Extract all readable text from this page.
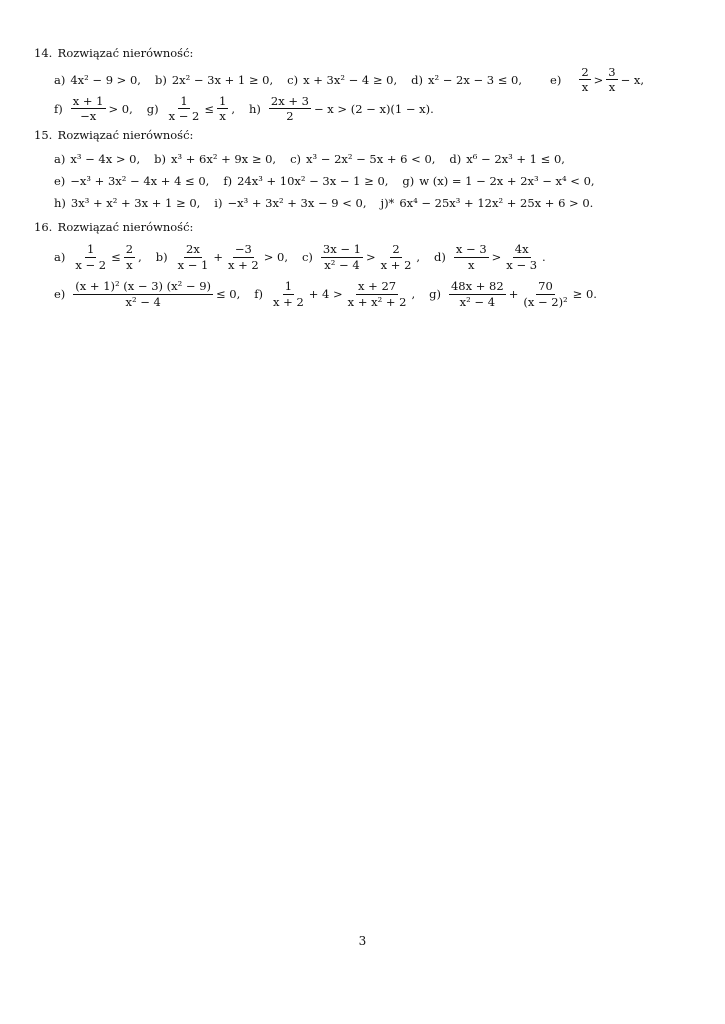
14. Rozwiązać nierówność:
a) 4x² − 9 > 0, b) 2x² − 3x + 1 ≥ 0, c) x + 3x² − 4 ≥ 0, d) x² − 2x − 3 ≤ 0, $e) \frac{2}{x} > \frac{3}{x} - x$,
$f) \frac{x + 1}{-x} > 0$, $g) \frac{1}{x - 2} \le \frac{1}{x}$ , $h) \frac{2x + 3}{2} - x > (2 - x)(1 - x)$.
15. Rozwiązać nierówność:
a) x³ − 4x > 0, b) x³ + 6x² + 9x ≥ 0, c) x³ − 2x² − 5x + 6 < 0, d) x⁶ − 2x³ + 1 ≤ 0,
e) −x³ + 3x² − 4x + 4 ≤ 0, f) 24x³ + 10x² − 3x − 1 ≥ 0, g) w (x) = 1 − 2x + 2x³ − x⁴ < 0,
h) 3x³ + x² + 3x + 1 ≥ 0, i) −x³ + 3x² + 3x − 9 < 0, j)* 6x⁴ − 25x³ + 12x² + 25x + 6 > 0.
16. Rozwiązać nierówność:
$a) \frac{1}{x - 2} \le \frac{2}{x}$ , $b) \frac{2x}{x - 1} + \frac{-3}{x + 2} > 0$, $c) \frac{3x - 1}{\text{x² − 4}} > \frac{2}{x + 2}$ , $d) \frac{x - 3}{x} > \frac{4x}{x - 3}$ .
$e) \frac{\text{(x + 1)² (x − 3) (x² − 9)}}{\text{x² − 4}} \le 0$, $f) \frac{1}{x + 2} + 4 > \frac{x + 27}{\text{x + x² + 2}}$ , $g) \frac{48x + 82}{\text{x² − 4}} + \frac{70}{\text{(x − 2)²}} \ge 0$.
3
